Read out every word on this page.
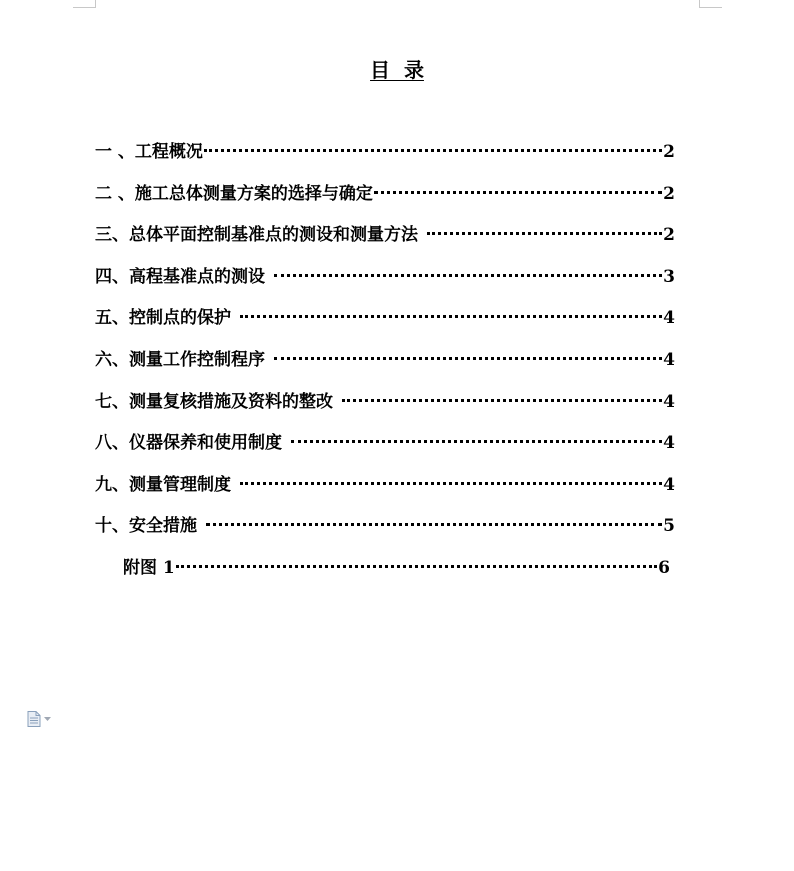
目  录
一 、工程概况	2
二 、施工总体测量方案的选择与确定	2
三、总体平面控制基准点的测设和测量方法	2
四、高程基准点的测设	3
五、控制点的保护	4
六、测量工作控制程序	4
七、测量复核措施及资料的整改	4
八、仪器保养和使用制度	4
九、测量管理制度	4
十、安全措施	5
附图 1	6
